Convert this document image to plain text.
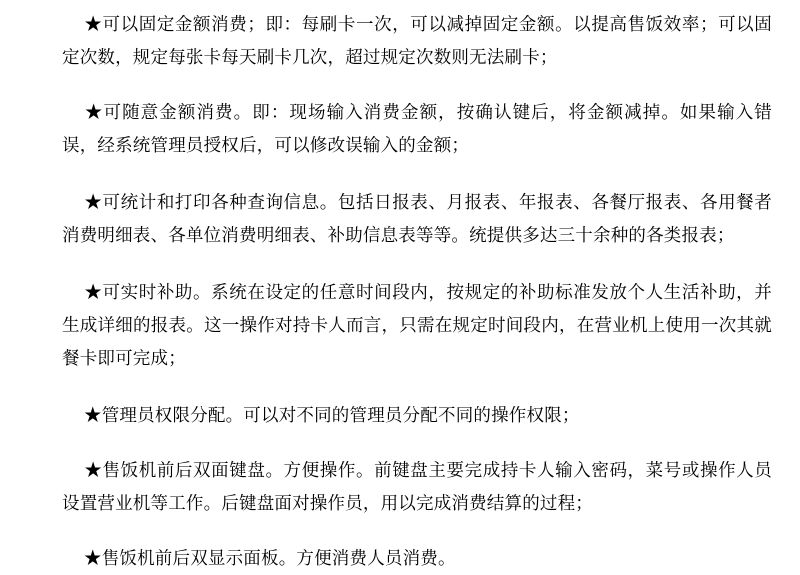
★可以固定金额消费；即：每刷卡一次，可以减掉固定金额。以提高售饭效率；可以固定次数，规定每张卡每天刷卡几次，超过规定次数则无法刷卡；

★可随意金额消费。即：现场输入消费金额，按确认键后，将金额减掉。如果输入错误，经系统管理员授权后，可以修改误输入的金额；

★可统计和打印各种查询信息。包括日报表、月报表、年报表、各餐厅报表、各用餐者消费明细表、各单位消费明细表、补助信息表等等。统提供多达三十余种的各类报表；

★可实时补助。系统在设定的任意时间段内，按规定的补助标准发放个人生活补助，并生成详细的报表。这一操作对持卡人而言，只需在规定时间段内，在营业机上使用一次其就餐卡即可完成；

★管理员权限分配。可以对不同的管理员分配不同的操作权限；

★售饭机前后双面键盘。方便操作。前键盘主要完成持卡人输入密码，菜号或操作人员设置营业机等工作。后键盘面对操作员，用以完成消费结算的过程；

★售饭机前后双显示面板。方便消费人员消费。
